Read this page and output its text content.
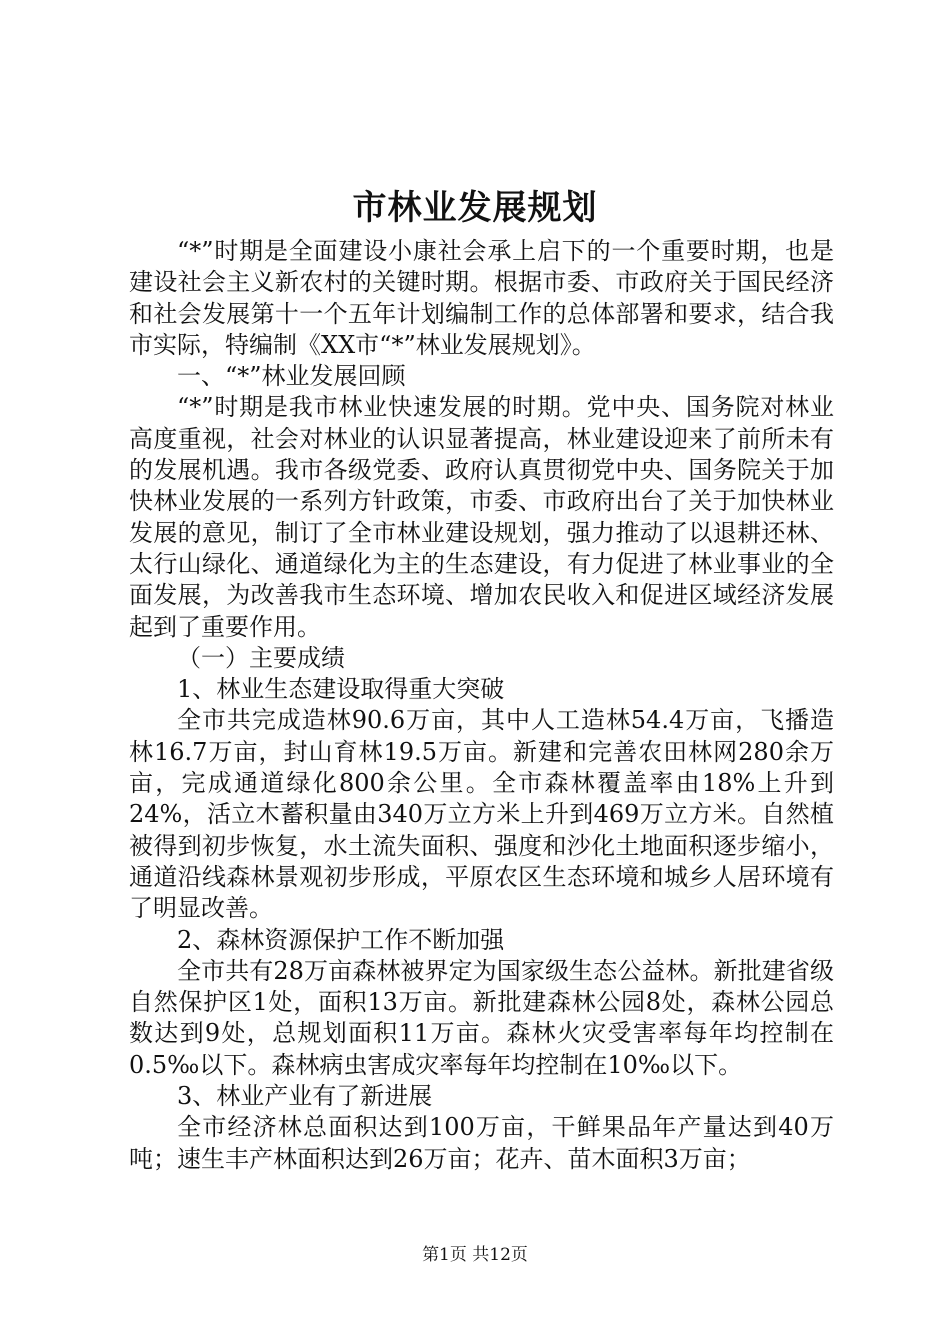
市林业发展规划

“*”时期是全面建设小康社会承上启下的一个重要时期，也是建设社会主义新农村的关键时期。根据市委、市政府关于国民经济和社会发展第十一个五年计划编制工作的总体部署和要求，结合我市实际，特编制《XX市“*”林业发展规划》。

一、“*”林业发展回顾

“*”时期是我市林业快速发展的时期。党中央、国务院对林业高度重视，社会对林业的认识显著提高，林业建设迎来了前所未有的发展机遇。我市各级党委、政府认真贯彻党中央、国务院关于加快林业发展的一系列方针政策，市委、市政府出台了关于加快林业发展的意见，制订了全市林业建设规划，强力推动了以退耕还林、太行山绿化、通道绿化为主的生态建设，有力促进了林业事业的全面发展，为改善我市生态环境、增加农民收入和促进区域经济发展起到了重要作用。

（一）主要成绩

1、林业生态建设取得重大突破

全市共完成造林90.6万亩，其中人工造林54.4万亩，飞播造林16.7万亩，封山育林19.5万亩。新建和完善农田林网280余万亩，完成通道绿化800余公里。全市森林覆盖率由18%上升到24%，活立木蓄积量由340万立方米上升到469万立方米。自然植被得到初步恢复，水土流失面积、强度和沙化土地面积逐步缩小，通道沿线森林景观初步形成，平原农区生态环境和城乡人居环境有了明显改善。

2、森林资源保护工作不断加强

全市共有28万亩森林被界定为国家级生态公益林。新批建省级自然保护区1处，面积13万亩。新批建森林公园8处，森林公园总数达到9处，总规划面积11万亩。森林火灾受害率每年均控制在0.5‰以下。森林病虫害成灾率每年均控制在10‰以下。

3、林业产业有了新进展

全市经济林总面积达到100万亩，干鲜果品年产量达到40万吨；速生丰产林面积达到26万亩；花卉、苗木面积3万亩；

第1页 共12页
